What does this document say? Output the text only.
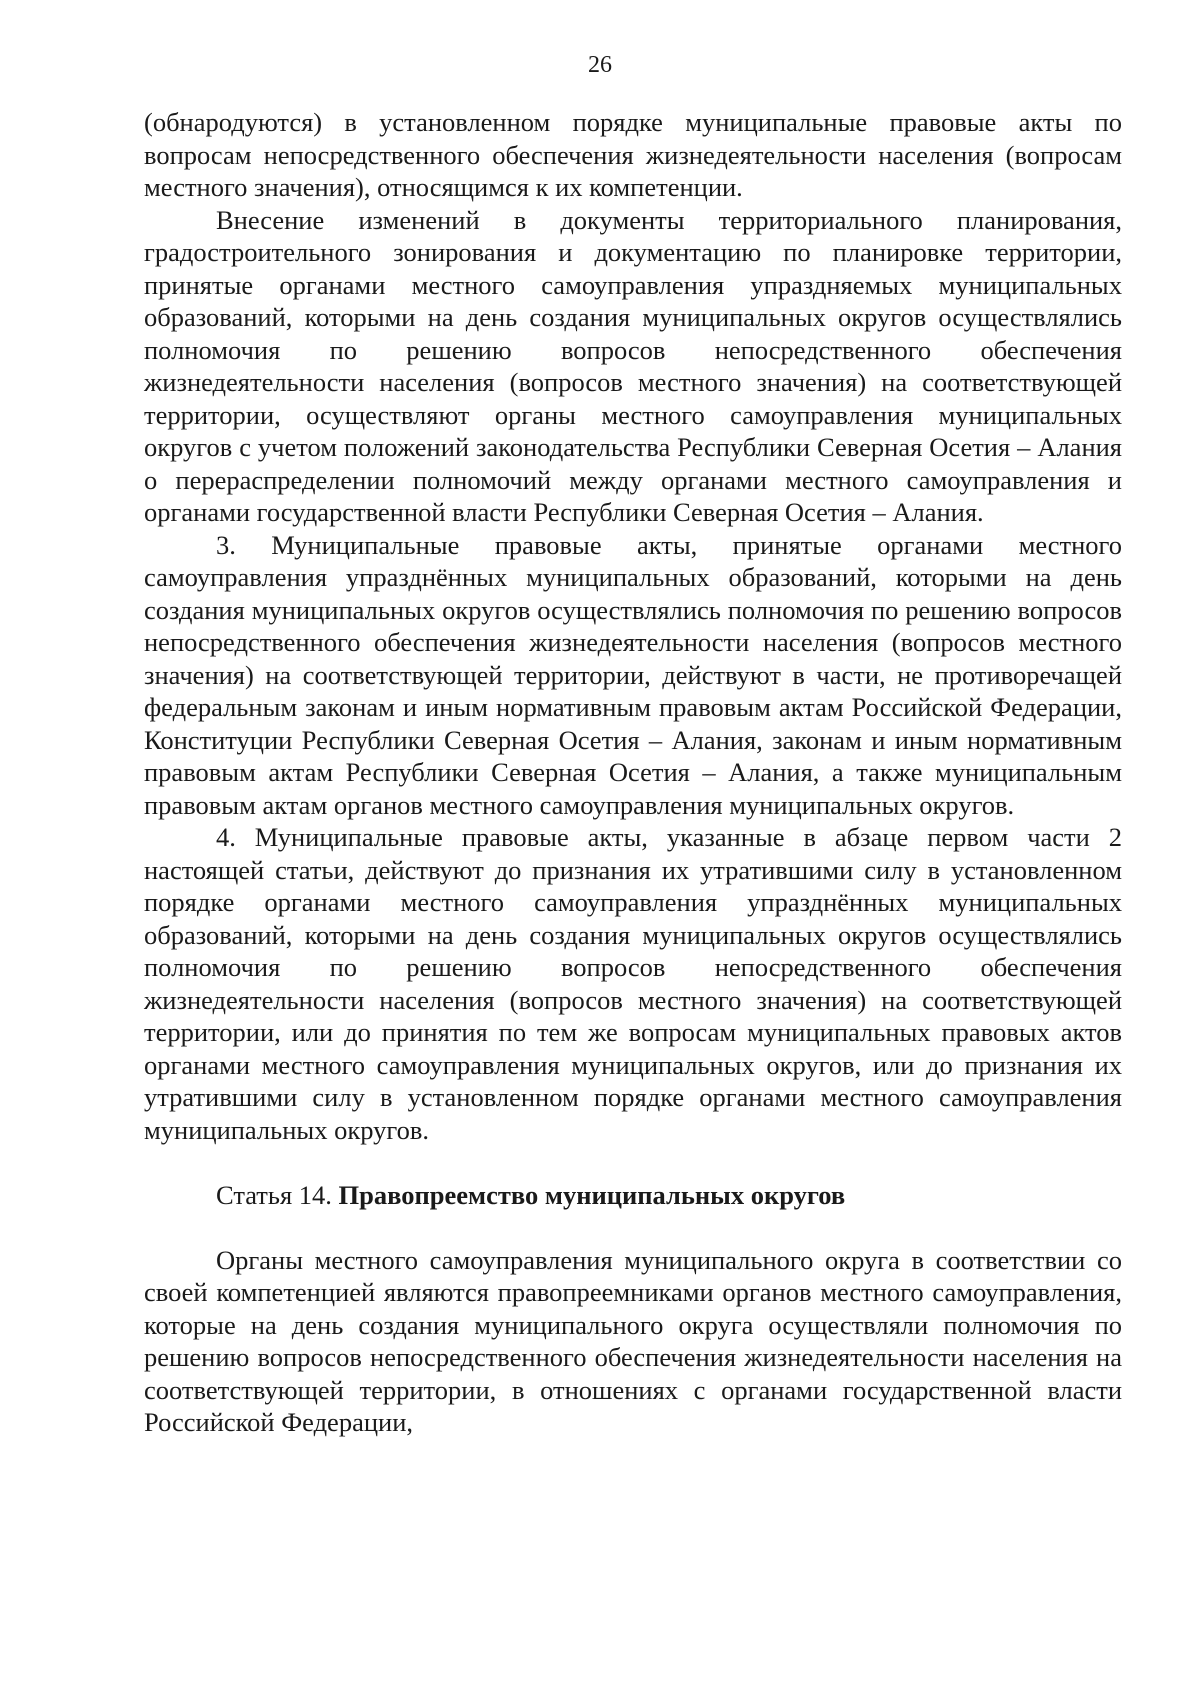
26

(обнародуются) в установленном порядке муниципальные правовые акты по вопросам непосредственного обеспечения жизнедеятельности населения (вопросам местного значения), относящимся к их компетенции.

Внесение изменений в документы территориального планирования, градостроительного зонирования и документацию по планировке территории, принятые органами местного самоуправления упраздняемых муниципальных образований, которыми на день создания муниципальных округов осуществлялись полномочия по решению вопросов непосредственного обеспечения жизнедеятельности населения (вопросов местного значения) на соответствующей территории, осуществляют органы местного самоуправления муниципальных округов с учетом положений законодательства Республики Северная Осетия – Алания о перераспределении полномочий между органами местного самоуправления и органами государственной власти Республики Северная Осетия – Алания.

3. Муниципальные правовые акты, принятые органами местного самоуправления упразднённых муниципальных образований, которыми на день создания муниципальных округов осуществлялись полномочия по решению вопросов непосредственного обеспечения жизнедеятельности населения (вопросов местного значения) на соответствующей территории, действуют в части, не противоречащей федеральным законам и иным нормативным правовым актам Российской Федерации, Конституции Республики Северная Осетия – Алания, законам и иным нормативным правовым актам Республики Северная Осетия – Алания, а также муниципальным правовым актам органов местного самоуправления муниципальных округов.

4. Муниципальные правовые акты, указанные в абзаце первом части 2 настоящей статьи, действуют до признания их утратившими силу в установленном порядке органами местного самоуправления упразднённых муниципальных образований, которыми на день создания муниципальных округов осуществлялись полномочия по решению вопросов непосредственного обеспечения жизнедеятельности населения (вопросов местного значения) на соответствующей территории, или до принятия по тем же вопросам муниципальных правовых актов органами местного самоуправления муниципальных округов, или до признания их утратившими силу в установленном порядке органами местного самоуправления муниципальных округов.

Статья 14. Правопреемство муниципальных округов

Органы местного самоуправления муниципального округа в соответствии со своей компетенцией являются правопреемниками органов местного самоуправления, которые на день создания муниципального округа осуществляли полномочия по решению вопросов непосредственного обеспечения жизнедеятельности населения на соответствующей территории, в отношениях с органами государственной власти Российской Федерации,
